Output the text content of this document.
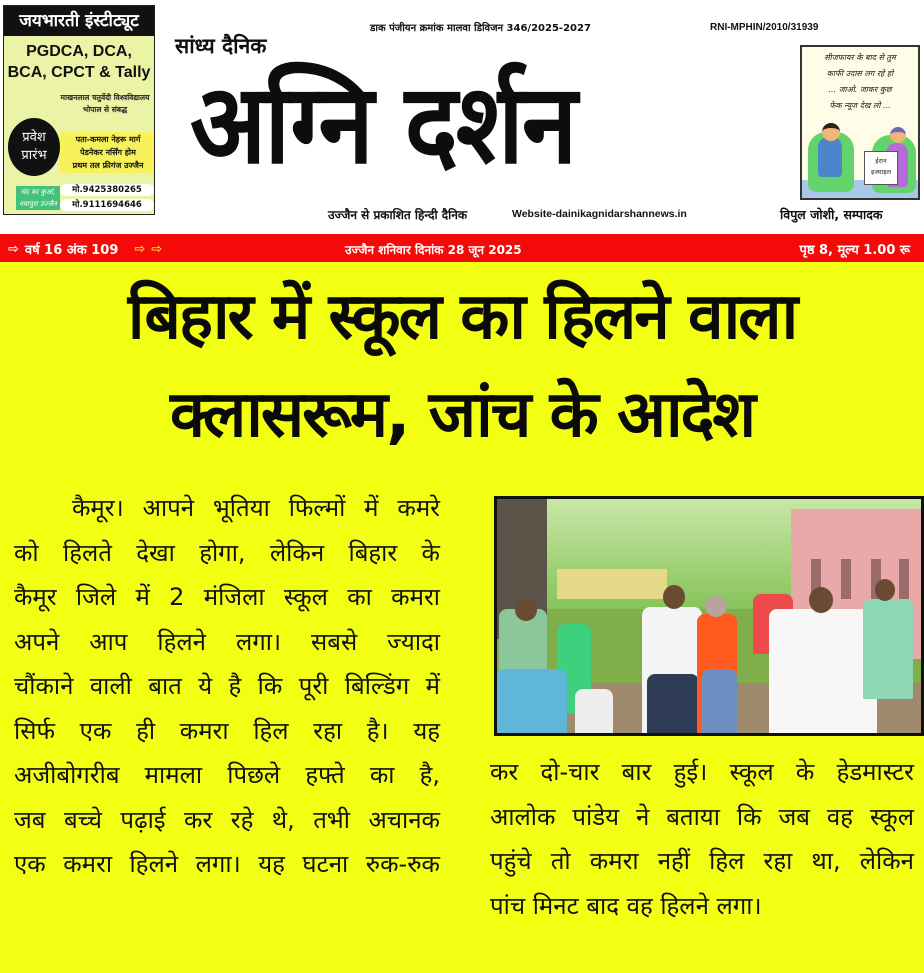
जयभारती इंस्टीट्यूट
PGDCA, DCA,
BCA, CPCT & Tally
माखनलाल चतुर्वेदी विश्वविद्यालय
भोपाल से संबद्ध
प्रवेश
प्रारंभ
पता-कमला नेहरू मार्ग
पेडनेकर नर्सिंग होम
प्रथम तल फ्रीगंज उज्जैन
चंद का कुआं,
नयापुरा उज्जैन
मो.9425380265
मो.9111694646
सांध्य दैनिक
डाक पंजीयन क्रमांक मालवा डिविजन 346/2025-2027	RNI-MPHIN/2010/31939
अग्नि दर्शन
उज्जैन से प्रकाशित हिन्दी दैनिक	Website-dainikagnidarshannews.in
सीजफायर के बाद से तुम
काफी उदास लग रहे हो
... जाओ. जाकर कुछ
फेक न्यूज देख लो ...
ईरान
इजराइल
विपुल जोशी, सम्पादक
⇨ वर्ष 16 अंक 109 ⇨ ⇨	उज्जैन शनिवार दिनांक 28 जून 2025	पृष्ठ 8, मूल्य 1.00 रू
बिहार में स्कूल का हिलने वाला
क्लासरूम, जांच के आदेश
कैमूर। आपने भूतिया फिल्मों में कमरे
को हिलते देखा होगा, लेकिन बिहार के
कैमूर जिले में 2 मंजिला स्कूल का कमरा
अपने आप हिलने लगा। सबसे ज्यादा
चौंकाने वाली बात ये है कि पूरी बिल्डिंग में
सिर्फ एक ही कमरा हिल रहा है। यह
अजीबोगरीब मामला पिछले हफ्ते का है,
जब बच्चे पढ़ाई कर रहे थे, तभी अचानक
एक कमरा हिलने लगा। यह घटना रुक-रुक
कर दो-चार बार हुई। स्कूल के हेडमास्टर
आलोक पांडेय ने बताया कि जब वह स्कूल
पहुंचे तो कमरा नहीं हिल रहा था, लेकिन
पांच मिनट बाद वह हिलने लगा।
